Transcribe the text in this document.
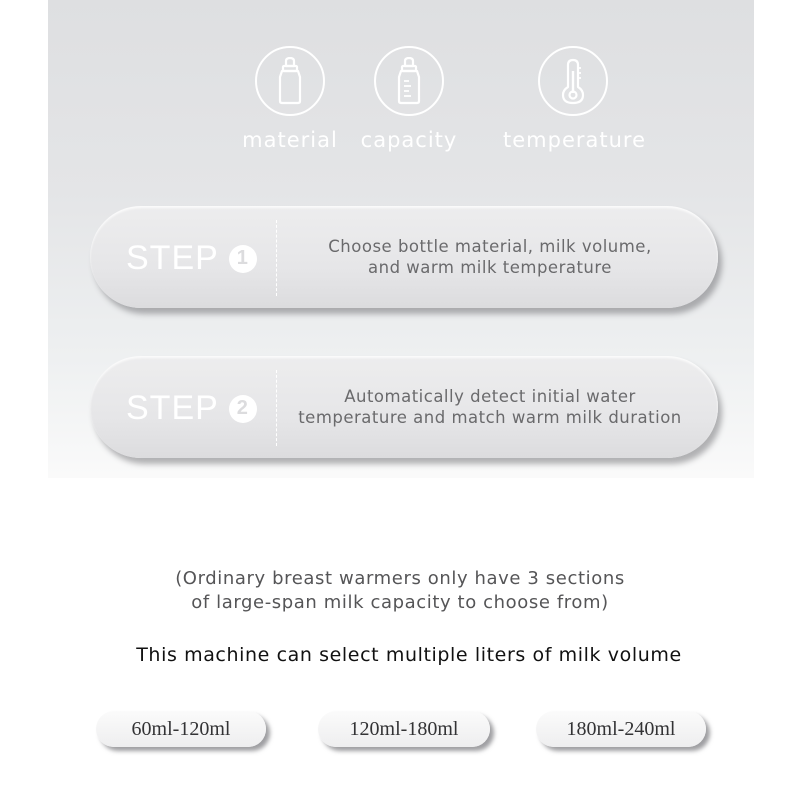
material	capacity	temperature
STEP 1
Choose bottle material, milk volume,
and warm milk temperature
STEP 2
Automatically detect initial water
temperature and match warm milk duration
(Ordinary breast warmers only have 3 sections
of large-span milk capacity to choose from)
This machine can select multiple liters of milk volume
60ml-120ml	120ml-180ml	180ml-240ml
